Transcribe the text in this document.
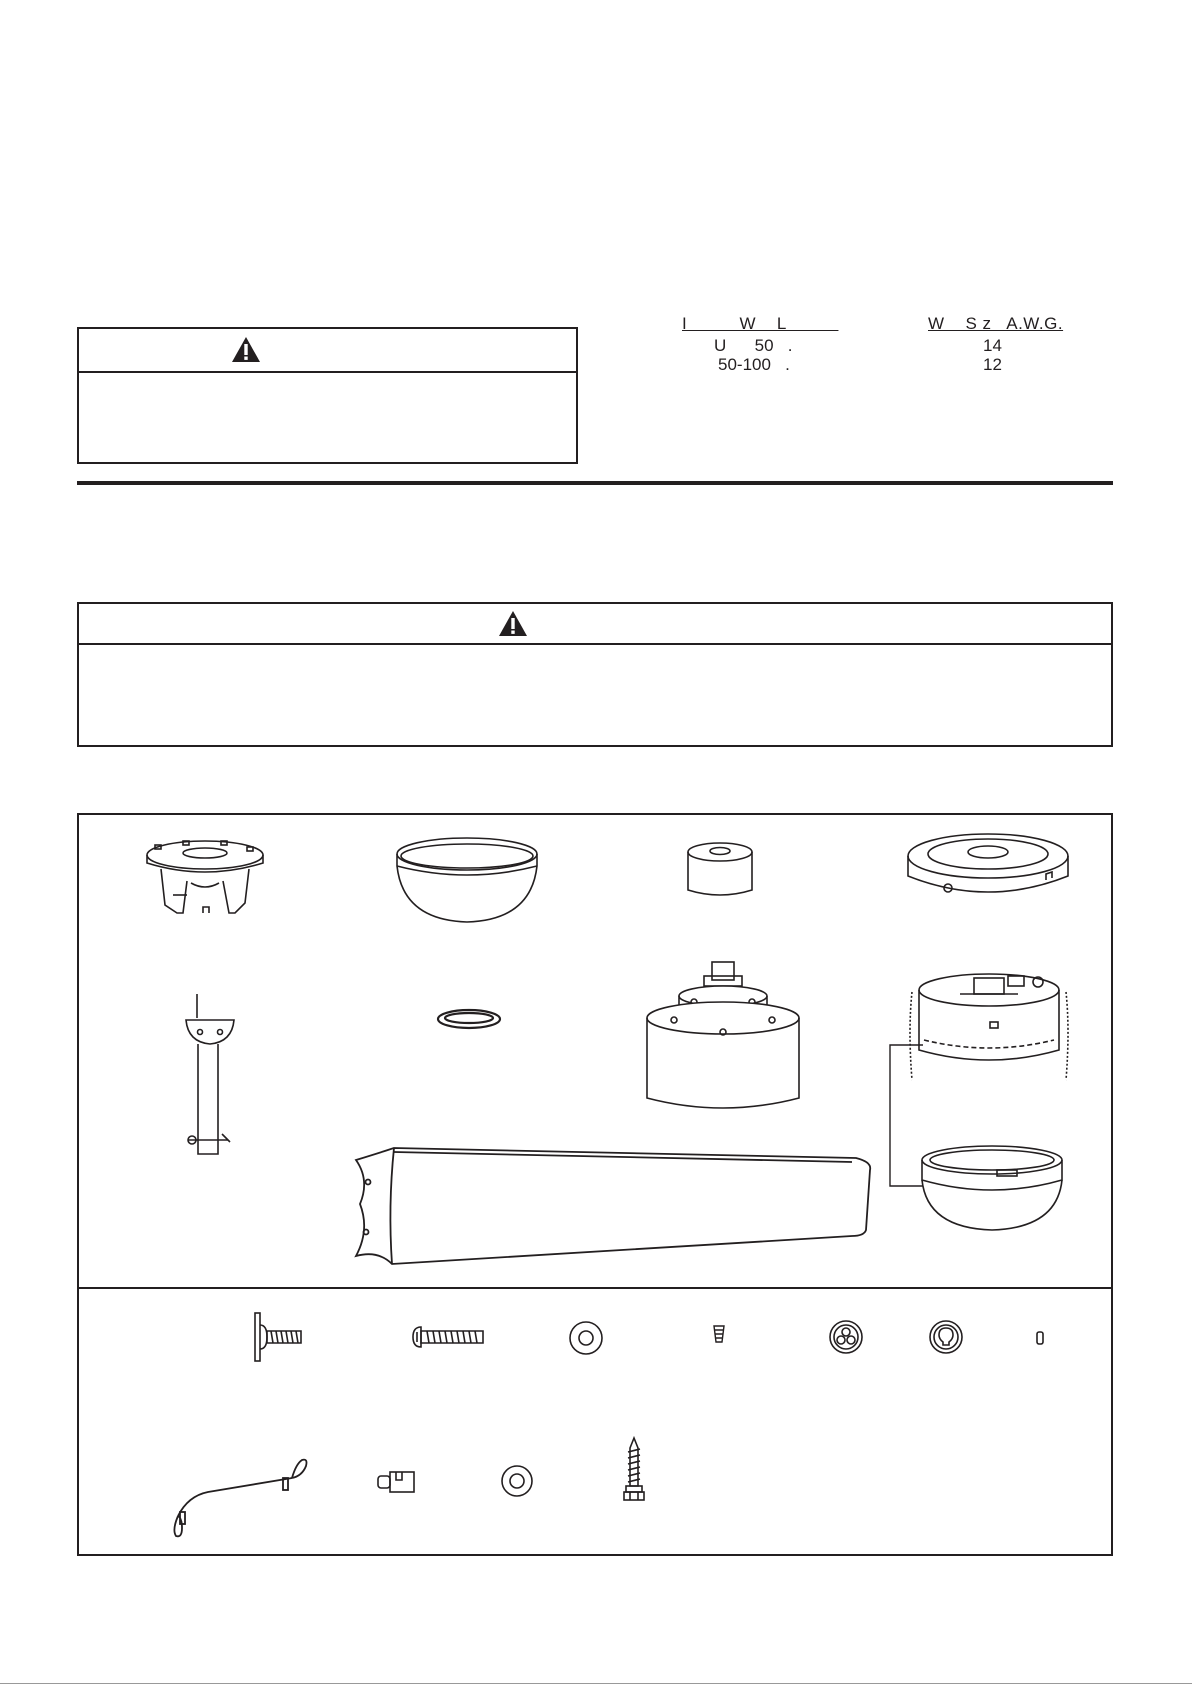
I          W    L	W    S z   A.W.G.
U      50   .	14
50-100   .	12
